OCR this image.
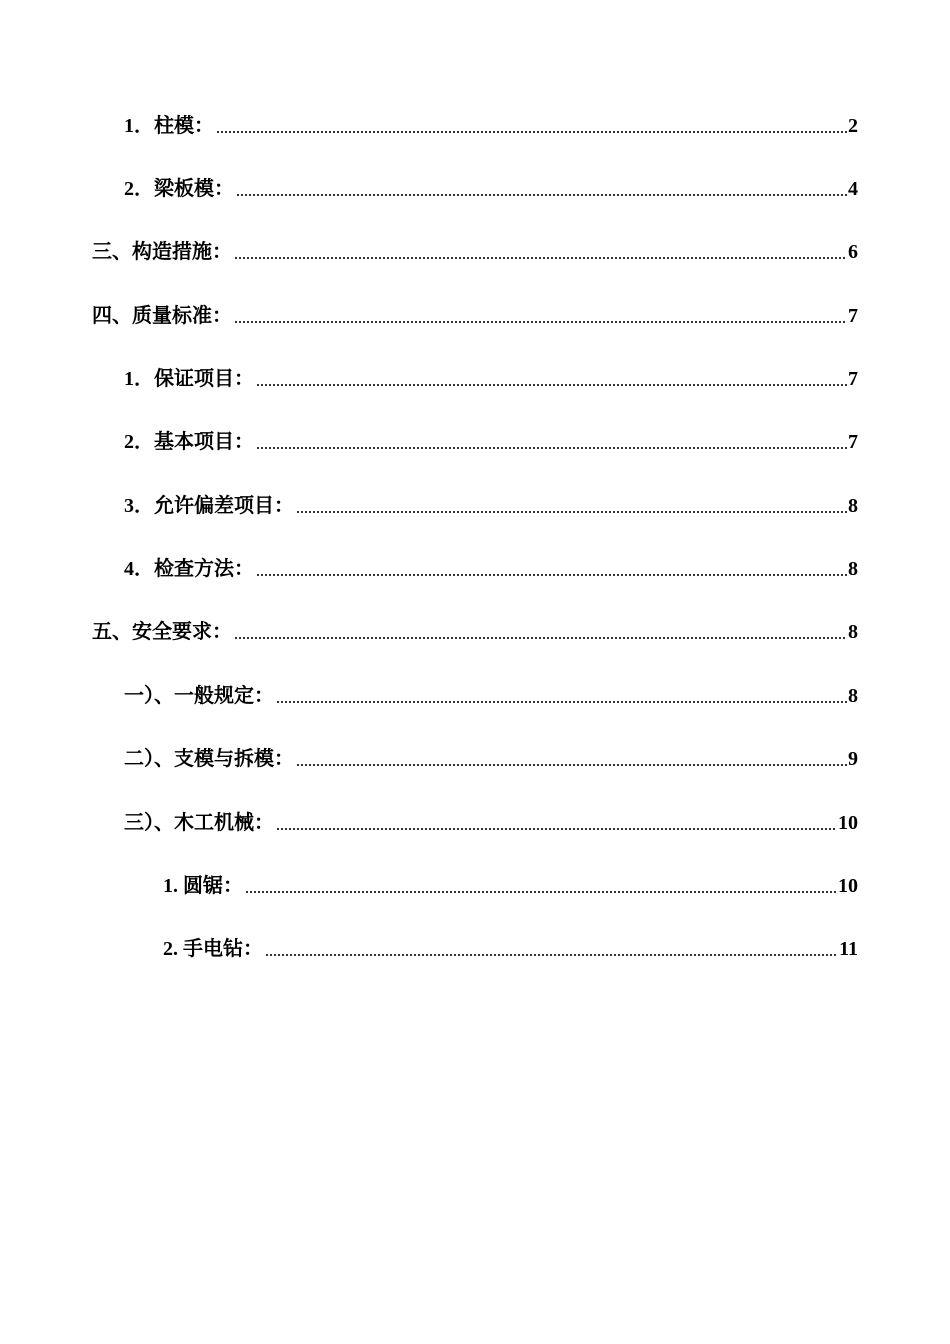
1．柱模：	2
2．梁板模：	4
三、构造措施：	6
四、质量标准：	7
1．保证项目：	7
2．基本项目：	7
3．允许偏差项目：	8
4．检查方法：	8
五、安全要求：	8
一）、一般规定：	8
二）、支模与拆模：	9
三）、木工机械：	10
1. 圆锯：	10
2. 手电钻：	11
